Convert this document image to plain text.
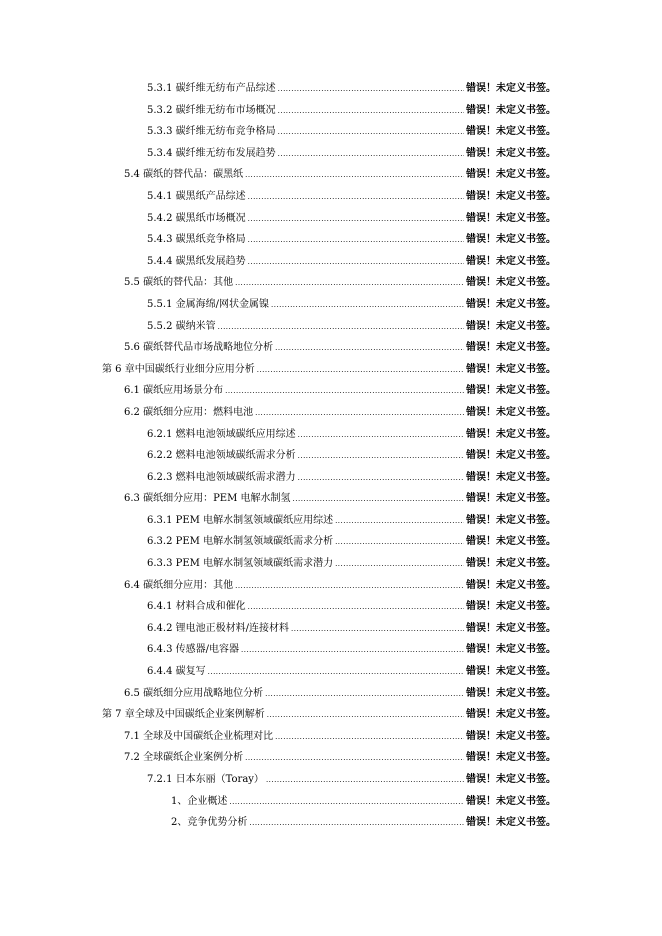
5.3.1 碳纤维无纺布产品综述 .....	错误！未定义书签。
5.3.2 碳纤维无纺布市场概况 .....	错误！未定义书签。
5.3.3 碳纤维无纺布竞争格局 .....	错误！未定义书签。
5.3.4 碳纤维无纺布发展趋势 .....	错误！未定义书签。
5.4 碳纸的替代品：碳黑纸 .....	错误！未定义书签。
5.4.1 碳黑纸产品综述 .....	错误！未定义书签。
5.4.2 碳黑纸市场概况 .....	错误！未定义书签。
5.4.3 碳黑纸竞争格局 .....	错误！未定义书签。
5.4.4 碳黑纸发展趋势 .....	错误！未定义书签。
5.5 碳纸的替代品：其他 .....	错误！未定义书签。
5.5.1 金属海绵/网状金属镍 .....	错误！未定义书签。
5.5.2 碳纳米管 .....	错误！未定义书签。
5.6 碳纸替代品市场战略地位分析 .....	错误！未定义书签。
第 6 章中国碳纸行业细分应用分析 .....	错误！未定义书签。
6.1 碳纸应用场景分布 .....	错误！未定义书签。
6.2 碳纸细分应用：燃料电池 .....	错误！未定义书签。
6.2.1 燃料电池领域碳纸应用综述 .....	错误！未定义书签。
6.2.2 燃料电池领域碳纸需求分析 .....	错误！未定义书签。
6.2.3 燃料电池领域碳纸需求潜力 .....	错误！未定义书签。
6.3 碳纸细分应用：PEM 电解水制氢 .....	错误！未定义书签。
6.3.1 PEM 电解水制氢领域碳纸应用综述 .....	错误！未定义书签。
6.3.2 PEM 电解水制氢领域碳纸需求分析 .....	错误！未定义书签。
6.3.3 PEM 电解水制氢领域碳纸需求潜力 .....	错误！未定义书签。
6.4 碳纸细分应用：其他 .....	错误！未定义书签。
6.4.1 材料合成和催化 .....	错误！未定义书签。
6.4.2 锂电池正极材料/连接材料 .....	错误！未定义书签。
6.4.3 传感器/电容器 .....	错误！未定义书签。
6.4.4 碳复写 .....	错误！未定义书签。
6.5 碳纸细分应用战略地位分析 .....	错误！未定义书签。
第 7 章全球及中国碳纸企业案例解析 .....	错误！未定义书签。
7.1 全球及中国碳纸企业梳理对比 .....	错误！未定义书签。
7.2 全球碳纸企业案例分析 .....	错误！未定义书签。
7.2.1 日本东丽（Toray） .....	错误！未定义书签。
1、企业概述 .....	错误！未定义书签。
2、竞争优势分析 .....	错误！未定义书签。
